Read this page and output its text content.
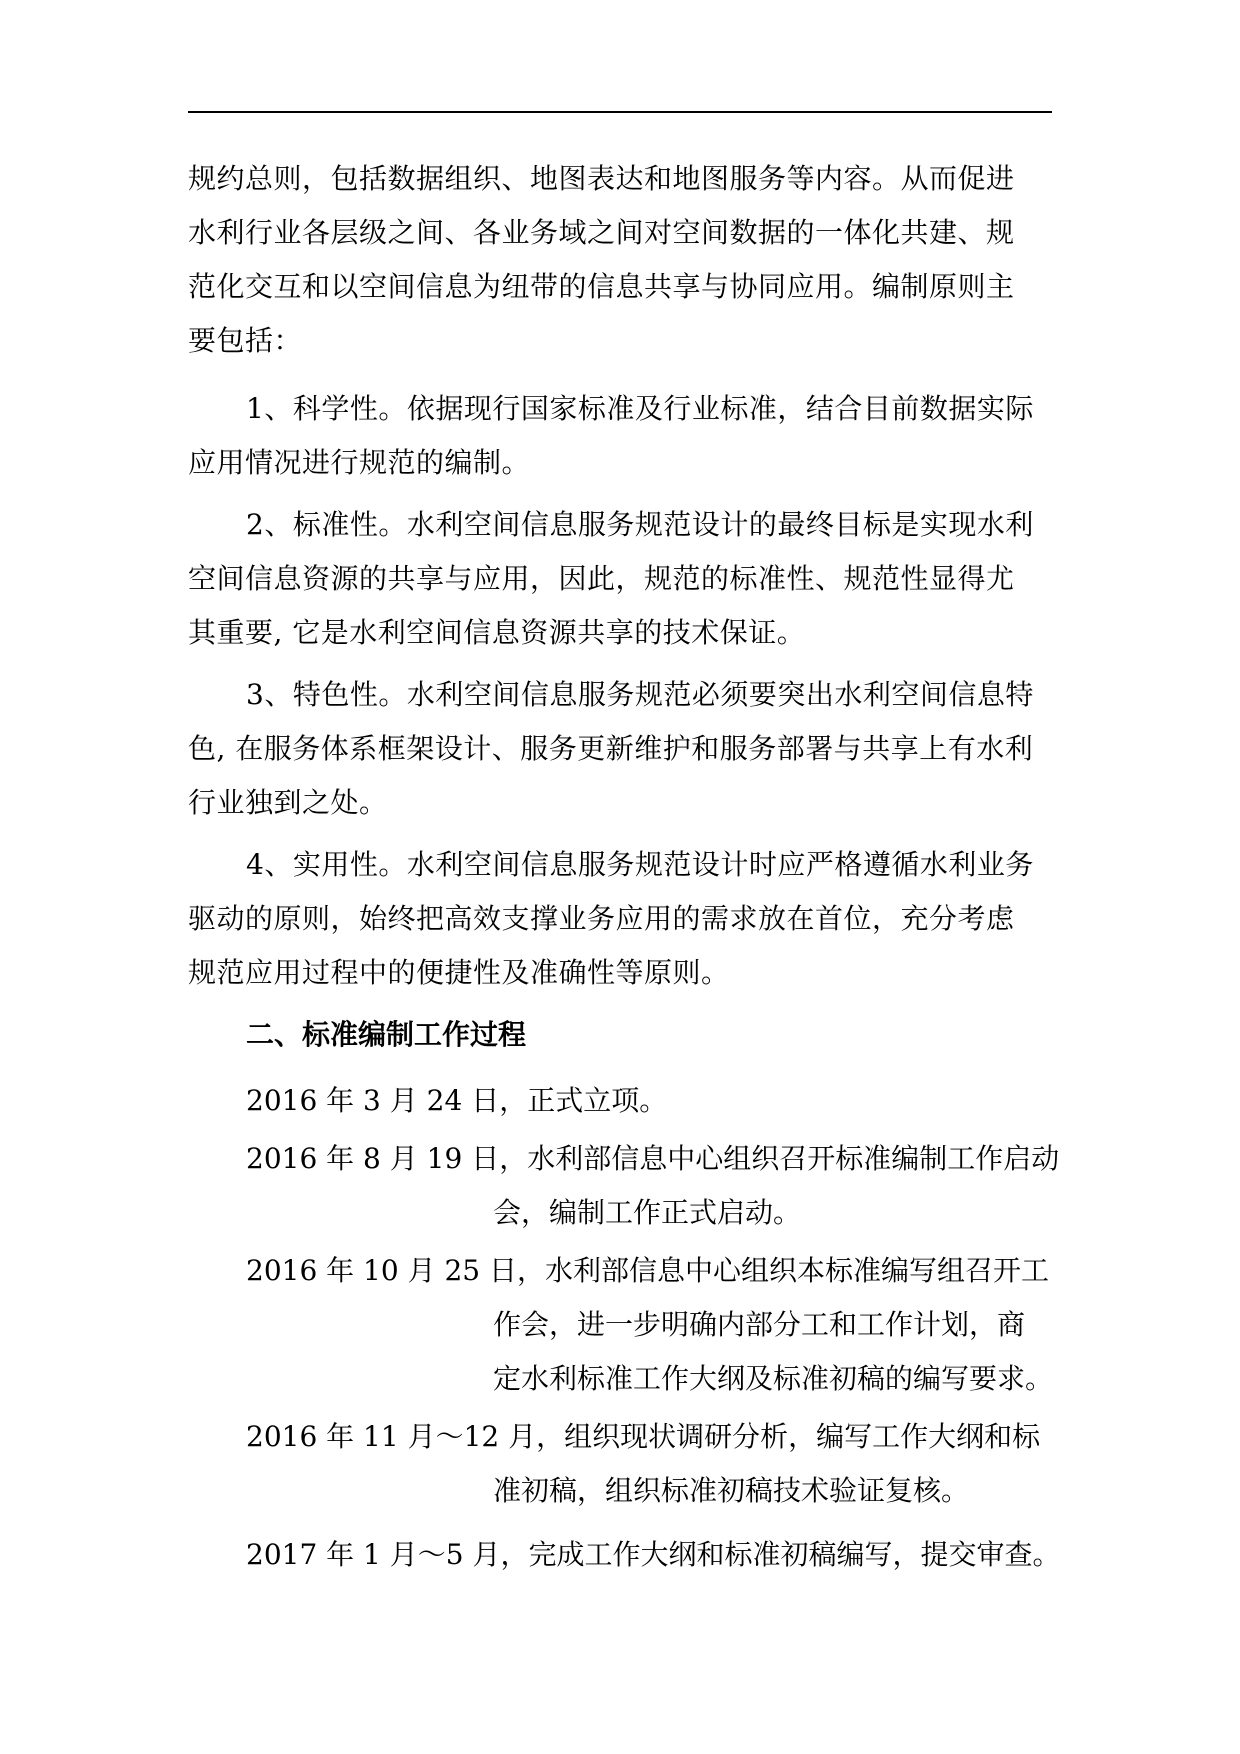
规约总则，包括数据组织、地图表达和地图服务等内容。从而促进
水利行业各层级之间、各业务域之间对空间数据的一体化共建、规
范化交互和以空间信息为纽带的信息共享与协同应用。编制原则主
要包括：
1、科学性。依据现行国家标准及行业标准，结合目前数据实际
应用情况进行规范的编制。
2、标准性。水利空间信息服务规范设计的最终目标是实现水利
空间信息资源的共享与应用，因此，规范的标准性、规范性显得尤
其重要, 它是水利空间信息资源共享的技术保证。
3、特色性。水利空间信息服务规范必须要突出水利空间信息特
色, 在服务体系框架设计、服务更新维护和服务部署与共享上有水利
行业独到之处。
4、实用性。水利空间信息服务规范设计时应严格遵循水利业务
驱动的原则，始终把高效支撑业务应用的需求放在首位，充分考虑
规范应用过程中的便捷性及准确性等原则。
二、标准编制工作过程
2016 年 3 月 24 日，正式立项。
2016 年 8 月 19 日，水利部信息中心组织召开标准编制工作启动
会，编制工作正式启动。
2016 年 10 月 25 日，水利部信息中心组织本标准编写组召开工
作会，进一步明确内部分工和工作计划，商
定水利标准工作大纲及标准初稿的编写要求。
2016 年 11 月～12 月，组织现状调研分析，编写工作大纲和标
准初稿，组织标准初稿技术验证复核。
2017 年 1 月～5 月，完成工作大纲和标准初稿编写，提交审查。
